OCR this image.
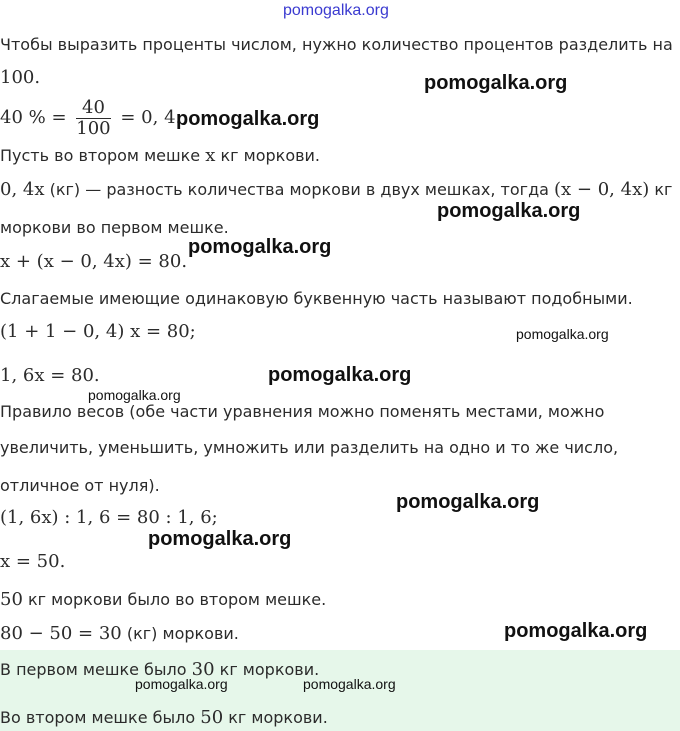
pomogalka.org
Чтобы выразить проценты числом, нужно количество процентов разделить на
100.
40 % = $\frac{40}{100} = 0$, 4.
Пусть во втором мешке x кг моркови.
0, 4x (кг) — разность количества моркови в двух мешках, тогда (x − 0, 4x) кг
моркови во первом мешке.
x + (x − 0, 4x) = 80.
Слагаемые имеющие одинаковую буквенную часть называют подобными.
(1 + 1 − 0, 4) x = 80;
1, 6x = 80.
Правило весов (обе части уравнения можно поменять местами, можно
увеличить, уменьшить, умножить или разделить на одно и то же число,
отличное от нуля).
(1, 6x) : 1, 6 = 80 : 1, 6;
x = 50.
50 кг моркови было во втором мешке.
80 − 50 = 30 (кг) моркови.
В первом мешке было 30 кг моркови.
Во втором мешке было 50 кг моркови.
pomogalka.org
pomogalka.org
pomogalka.org
pomogalka.org
pomogalka.org
pomogalka.org
pomogalka.org
pomogalka.org
pomogalka.org
pomogalka.org
pomogalka.org	pomogalka.org
